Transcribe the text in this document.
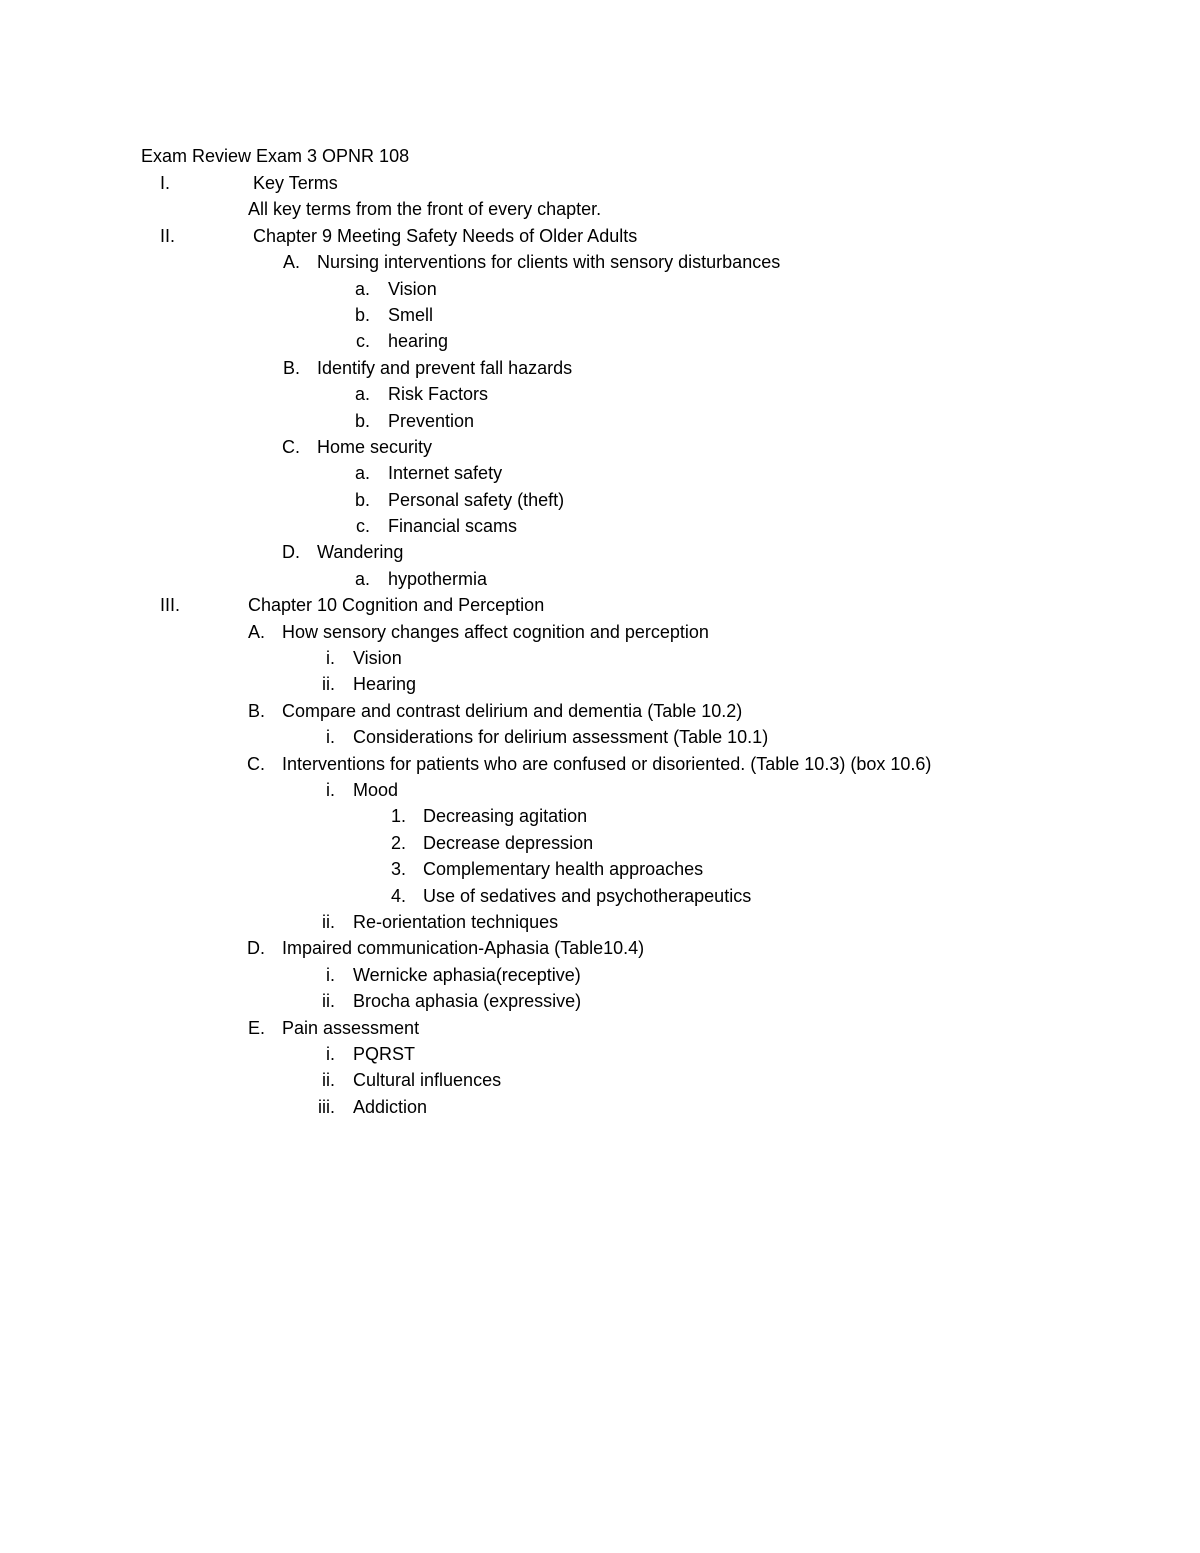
Exam Review Exam 3 OPNR 108
I.	Key Terms
All key terms from the front of every chapter.
II.	Chapter 9 Meeting Safety Needs of Older Adults
A. Nursing interventions for clients with sensory disturbances
a. Vision
b. Smell
c. hearing
B. Identify and prevent fall hazards
a. Risk Factors
b. Prevention
C. Home security
a. Internet safety
b. Personal safety (theft)
c. Financial scams
D. Wandering
a. hypothermia
III.	Chapter 10 Cognition and Perception
A. How sensory changes affect cognition and perception
i. Vision
ii. Hearing
B. Compare and contrast delirium and dementia (Table 10.2)
i. Considerations for delirium assessment (Table 10.1)
C. Interventions for patients who are confused or disoriented. (Table 10.3) (box 10.6)
i. Mood
1. Decreasing agitation
2. Decrease depression
3. Complementary health approaches
4. Use of sedatives and psychotherapeutics
ii. Re-orientation techniques
D. Impaired communication-Aphasia (Table10.4)
i. Wernicke aphasia(receptive)
ii. Brocha aphasia (expressive)
E. Pain assessment
i. PQRST
ii. Cultural influences
iii. Addiction
